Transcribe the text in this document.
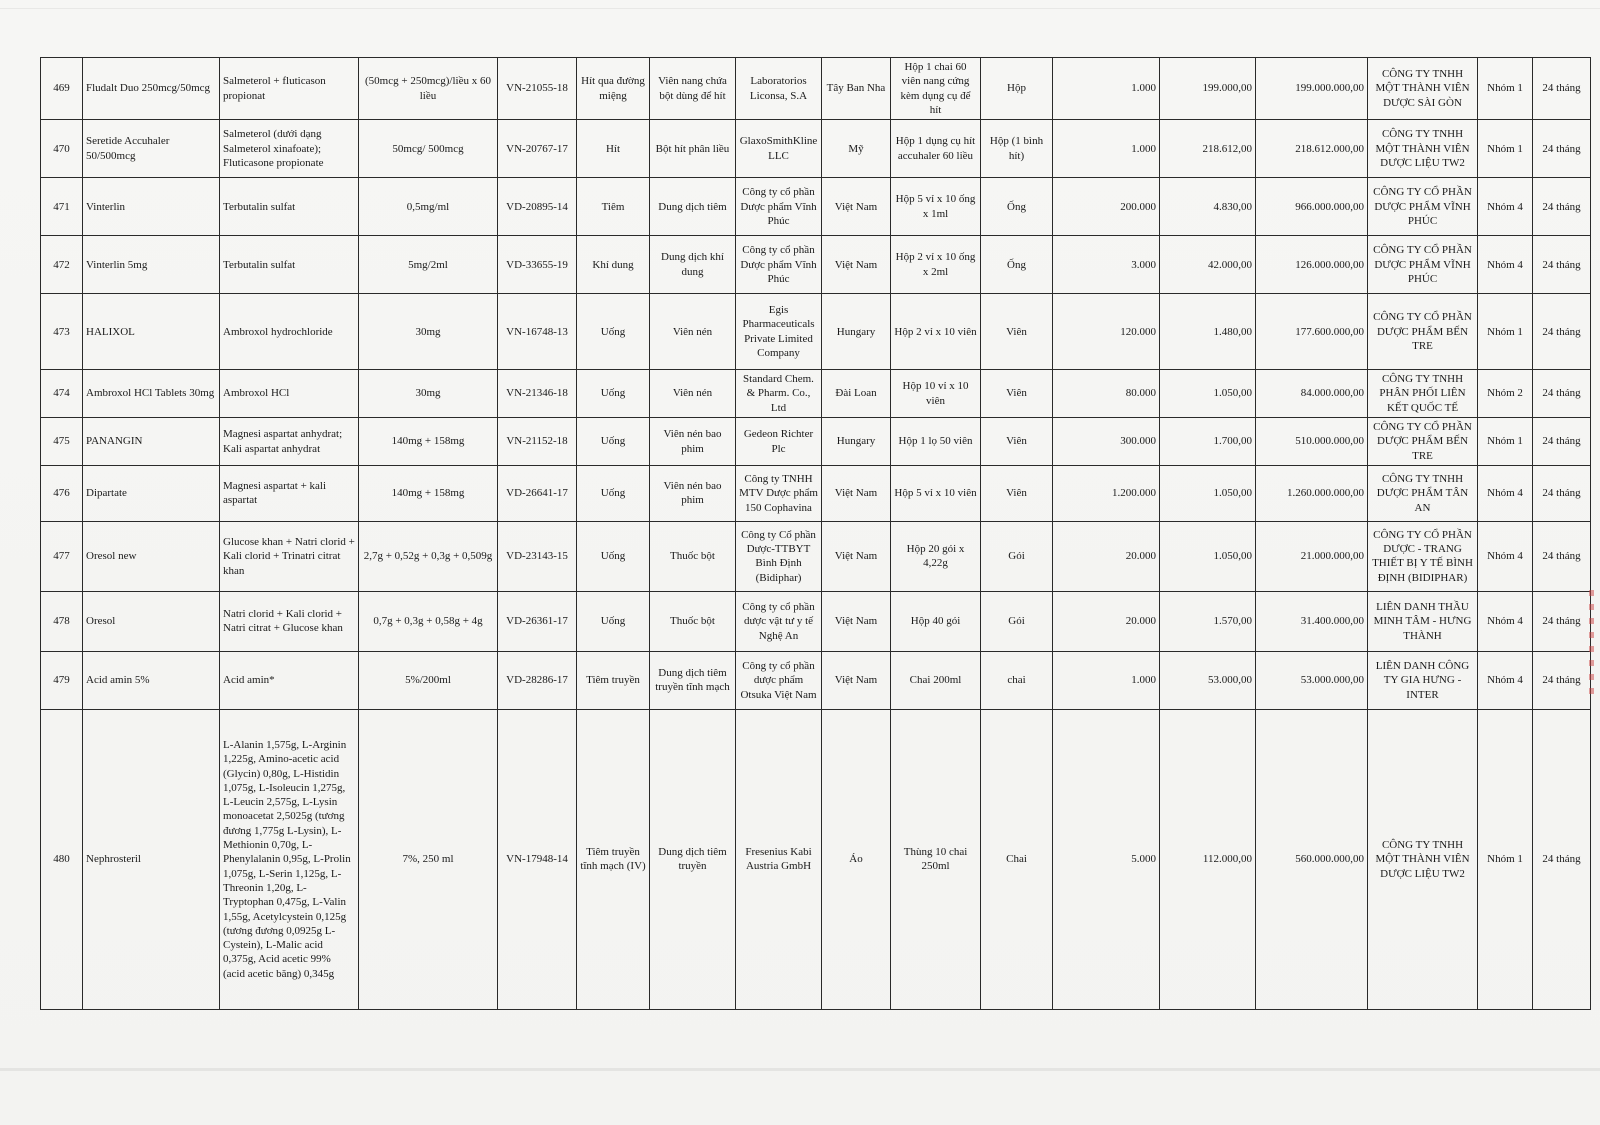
469	Fludalt Duo 250mcg/50mcg	Salmeterol + fluticason propionat	(50mcg + 250mcg)/liều x 60 liều	VN-21055-18	Hít qua đường miệng	Viên nang chứa bột dùng để hít	Laboratorios Liconsa, S.A	Tây Ban Nha	Hộp 1 chai 60 viên nang cứng kèm dụng cụ để hít	Hộp	1.000	199.000,00	199.000.000,00	CÔNG TY TNHH MỘT THÀNH VIÊN DƯỢC SÀI GÒN	Nhóm 1	24 tháng
470	Seretide Accuhaler 50/500mcg	Salmeterol (dưới dạng Salmeterol xinafoate); Fluticasone propionate	50mcg/ 500mcg	VN-20767-17	Hít	Bột hít phân liều	GlaxoSmithKline LLC	Mỹ	Hộp 1 dụng cụ hít accuhaler 60 liều	Hộp (1 bình hít)	1.000	218.612,00	218.612.000,00	CÔNG TY TNHH MỘT THÀNH VIÊN DƯỢC LIỆU TW2	Nhóm 1	24 tháng
471	Vinterlin	Terbutalin sulfat	0,5mg/ml	VD-20895-14	Tiêm	Dung dịch tiêm	Công ty cổ phần Dược phẩm Vĩnh Phúc	Việt Nam	Hộp 5 vỉ x 10 ống x 1ml	Ống	200.000	4.830,00	966.000.000,00	CÔNG TY CỔ PHẦN DƯỢC PHẨM VĨNH PHÚC	Nhóm 4	24 tháng
472	Vinterlin 5mg	Terbutalin sulfat	5mg/2ml	VD-33655-19	Khí dung	Dung dịch khí dung	Công ty cổ phần Dược phẩm Vĩnh Phúc	Việt Nam	Hộp 2 vỉ x 10 ống x 2ml	Ống	3.000	42.000,00	126.000.000,00	CÔNG TY CỔ PHẦN DƯỢC PHẨM VĨNH PHÚC	Nhóm 4	24 tháng
473	HALIXOL	Ambroxol hydrochloride	30mg	VN-16748-13	Uống	Viên nén	Egis Pharmaceuticals Private Limited Company	Hungary	Hộp 2 vỉ x 10 viên	Viên	120.000	1.480,00	177.600.000,00	CÔNG TY CỔ PHẦN DƯỢC PHẨM BẾN TRE	Nhóm 1	24 tháng
474	Ambroxol HCl Tablets 30mg	Ambroxol HCl	30mg	VN-21346-18	Uống	Viên nén	Standard Chem. & Pharm. Co., Ltd	Đài Loan	Hộp 10 vỉ x 10 viên	Viên	80.000	1.050,00	84.000.000,00	CÔNG TY TNHH PHÂN PHỐI LIÊN KẾT QUỐC TẾ	Nhóm 2	24 tháng
475	PANANGIN	Magnesi aspartat anhydrat; Kali aspartat anhydrat	140mg + 158mg	VN-21152-18	Uống	Viên nén bao phim	Gedeon Richter Plc	Hungary	Hộp 1 lọ 50 viên	Viên	300.000	1.700,00	510.000.000,00	CÔNG TY CỔ PHẦN DƯỢC PHẨM BẾN TRE	Nhóm 1	24 tháng
476	Dipartate	Magnesi aspartat + kali aspartat	140mg + 158mg	VD-26641-17	Uống	Viên nén bao phim	Công ty TNHH MTV Dược phẩm 150 Cophavina	Việt Nam	Hộp 5 vỉ x 10 viên	Viên	1.200.000	1.050,00	1.260.000.000,00	CÔNG TY TNHH DƯỢC PHẨM TÂN AN	Nhóm 4	24 tháng
477	Oresol new	Glucose khan + Natri clorid + Kali clorid + Trinatri citrat khan	2,7g + 0,52g + 0,3g + 0,509g	VD-23143-15	Uống	Thuốc bột	Công ty Cổ phần Dược-TTBYT Bình Định (Bidiphar)	Việt Nam	Hộp 20 gói x 4,22g	Gói	20.000	1.050,00	21.000.000,00	CÔNG TY CỔ PHẦN DƯỢC - TRANG THIẾT BỊ Y TẾ BÌNH ĐỊNH (BIDIPHAR)	Nhóm 4	24 tháng
478	Oresol	Natri clorid + Kali clorid + Natri citrat + Glucose khan	0,7g + 0,3g + 0,58g + 4g	VD-26361-17	Uống	Thuốc bột	Công ty cổ phần dược vật tư y tế Nghệ An	Việt Nam	Hộp 40 gói	Gói	20.000	1.570,00	31.400.000,00	LIÊN DANH THẦU MINH TÂM - HƯNG THÀNH	Nhóm 4	24 tháng
479	Acid amin 5%	Acid amin*	5%/200ml	VD-28286-17	Tiêm truyền	Dung dịch tiêm truyền tĩnh mạch	Công ty cổ phần dược phẩm Otsuka Việt Nam	Việt Nam	Chai 200ml	chai	1.000	53.000,00	53.000.000,00	LIÊN DANH CÔNG TY GIA HƯNG - INTER	Nhóm 4	24 tháng
480	Nephrosteril	L-Alanin 1,575g, L-Arginin 1,225g, Amino-acetic acid (Glycin) 0,80g, L-Histidin 1,075g, L-Isoleucin 1,275g, L-Leucin 2,575g, L-Lysin monoacetat 2,5025g (tương đương 1,775g L-Lysin), L-Methionin 0,70g, L-Phenylalanin 0,95g, L-Prolin 1,075g, L-Serin 1,125g, L-Threonin 1,20g, L-Tryptophan 0,475g, L-Valin 1,55g, Acetylcystein 0,125g (tương đương 0,0925g L-Cystein), L-Malic acid 0,375g, Acid acetic 99% (acid acetic băng) 0,345g	7%, 250 ml	VN-17948-14	Tiêm truyền tĩnh mạch (IV)	Dung dịch tiêm truyền	Fresenius Kabi Austria GmbH	Áo	Thùng 10 chai 250ml	Chai	5.000	112.000,00	560.000.000,00	CÔNG TY TNHH MỘT THÀNH VIÊN DƯỢC LIỆU TW2	Nhóm 1	24 tháng
